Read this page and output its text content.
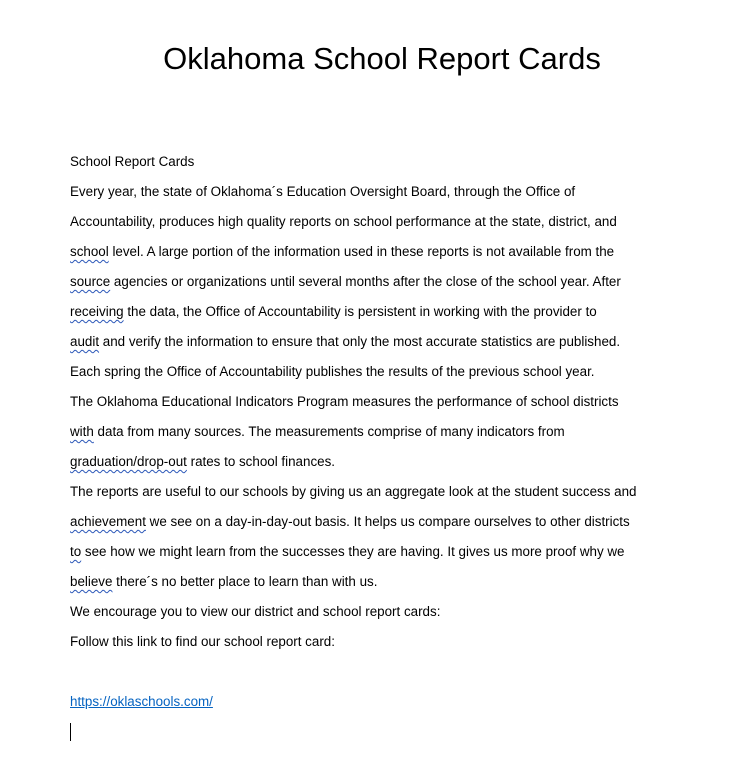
Oklahoma School Report Cards
School Report Cards
Every year, the state of Oklahoma´s Education Oversight Board, through the Office of
Accountability, produces high quality reports on school performance at the state, district, and
school level. A large portion of the information used in these reports is not available from the
source agencies or organizations until several months after the close of the school year. After
receiving the data, the Office of Accountability is persistent in working with the provider to
audit and verify the information to ensure that only the most accurate statistics are published.
Each spring the Office of Accountability publishes the results of the previous school year.
The Oklahoma Educational Indicators Program measures the performance of school districts
with data from many sources. The measurements comprise of many indicators from
graduation/drop-out rates to school finances.
The reports are useful to our schools by giving us an aggregate look at the student success and
achievement we see on a day-in-day-out basis. It helps us compare ourselves to other districts
to see how we might learn from the successes they are having. It gives us more proof why we
believe there´s no better place to learn than with us.
We encourage you to view our district and school report cards:
Follow this link to find our school report card:
https://oklaschools.com/
